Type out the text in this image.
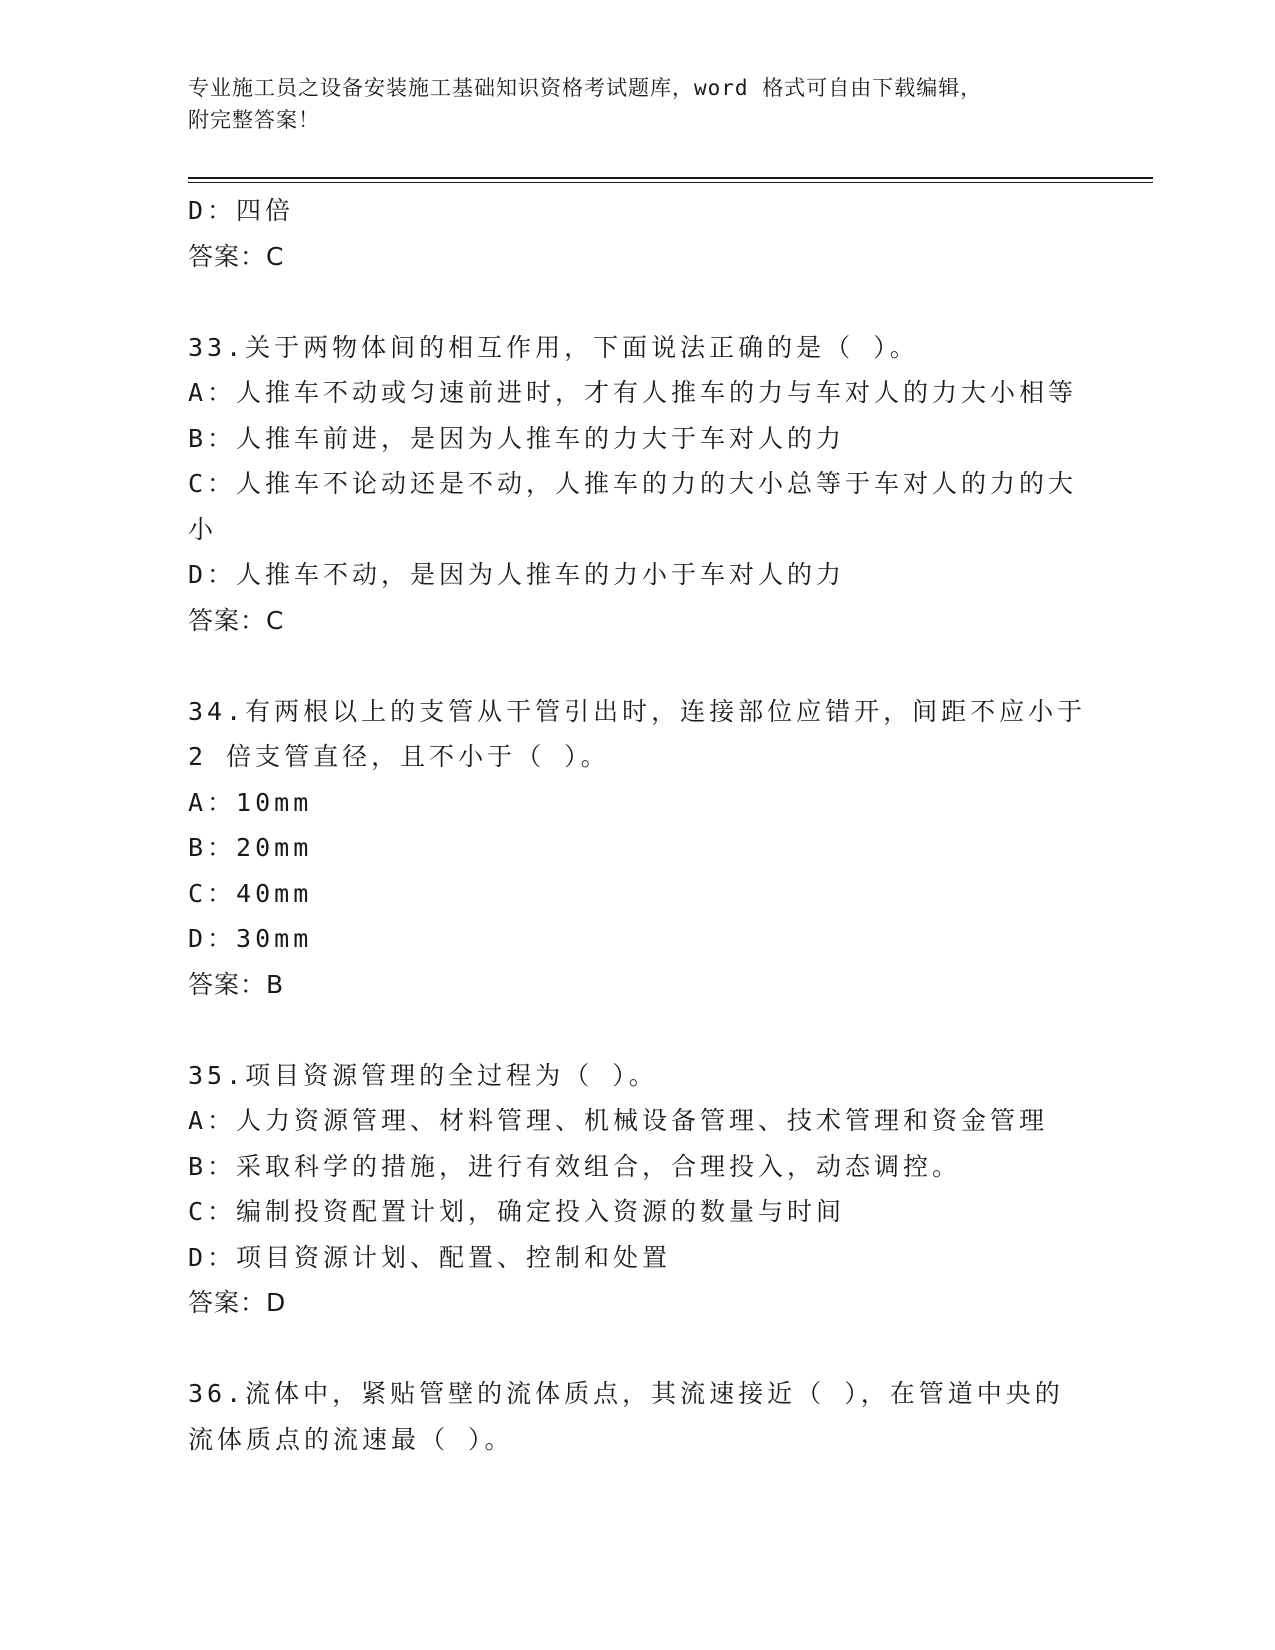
专业施工员之设备安装施工基础知识资格考试题库，word 格式可自由下载编辑，
附完整答案！
D：四倍
答案：C
33.关于两物体间的相互作用，下面说法正确的是（ ）。
A：人推车不动或匀速前进时，才有人推车的力与车对人的力大小相等
B：人推车前进，是因为人推车的力大于车对人的力
C：人推车不论动还是不动，人推车的力的大小总等于车对人的力的大
小
D：人推车不动，是因为人推车的力小于车对人的力
答案：C
34.有两根以上的支管从干管引出时，连接部位应错开，间距不应小于
2 倍支管直径，且不小于（ ）。
A：10mm
B：20mm
C：40mm
D：30mm
答案：B
35.项目资源管理的全过程为（ ）。
A：人力资源管理、材料管理、机械设备管理、技术管理和资金管理
B：采取科学的措施，进行有效组合，合理投入，动态调控。
C：编制投资配置计划，确定投入资源的数量与时间
D：项目资源计划、配置、控制和处置
答案：D
36.流体中，紧贴管壁的流体质点，其流速接近（ ），在管道中央的
流体质点的流速最（ ）。
